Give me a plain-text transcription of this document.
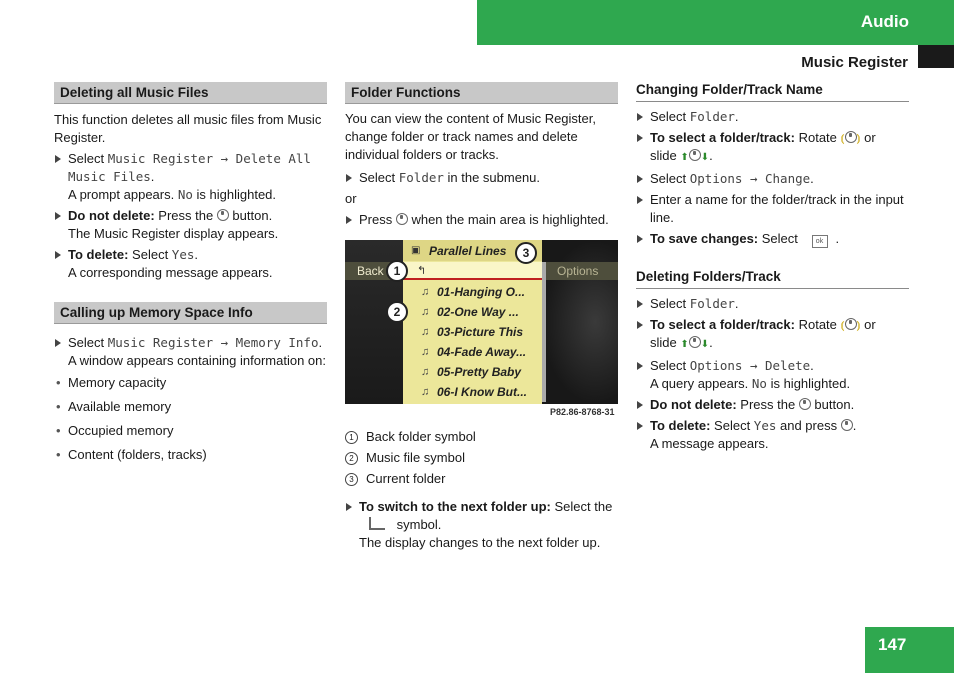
Audio
Music Register
Deleting all Music Files

This function deletes all music files from Music Register.

Select Music Register → Delete All Music Files.
A prompt appears. No is highlighted.
Do not delete: Press the  button.
The Music Register display appears.
To delete: Select Yes.
A corresponding message appears.
Calling up Memory Space Info
Select Music Register → Memory Info.
A window appears containing information on:
• Memory capacity
• Available memory
• Occupied memory
• Content (folders, tracks)
Folder Functions

You can view the content of Music Register, change folder or track names and delete individual folders or tracks.

Select Folder in the submenu.

or

Press  when the main area is highlighted.
▣ Parallel Lines
Back	Options
↰
♫ 01-Hanging O...
♫ 02-One Way ...
♫ 03-Picture This
♫ 04-Fade Away...
♫ 05-Pretty Baby
♫ 06-I Know But...
1
2
3
P82.86-8768-31
1 Back folder symbol
2 Music file symbol
3 Current folder
To switch to the next folder up: Select the  symbol.
The display changes to the next folder up.
Changing Folder/Track Name
Select Folder.
To select a folder/track: Rotate ⦅ ⦆ or
slide ⬆ ⬇.
Select Options → Change.
Enter a name for the folder/track in the input line.
To save changes: Select ok .
Deleting Folders/Track
Select Folder.
To select a folder/track: Rotate ⦅ ⦆ or
slide ⬆ ⬇.
Select Options → Delete.
A query appears. No is highlighted.
Do not delete: Press the  button.
To delete: Select Yes and press .
A message appears.
147
